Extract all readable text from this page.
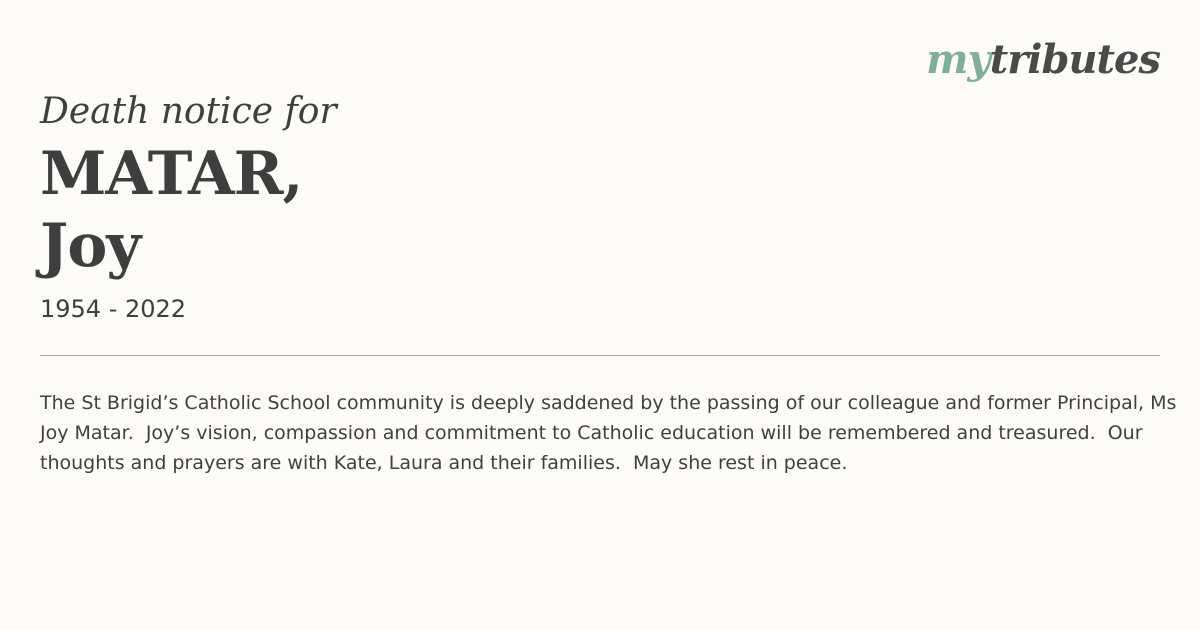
mytributes
Death notice for
MATAR,
Joy
1954 - 2022

The St Brigid’s Catholic School community is deeply saddened by the passing of our colleague and former Principal, Ms Joy Matar.  Joy’s vision, compassion and commitment to Catholic education will be remembered and treasured.  Our thoughts and prayers are with Kate, Laura and their families.  May she rest in peace.
